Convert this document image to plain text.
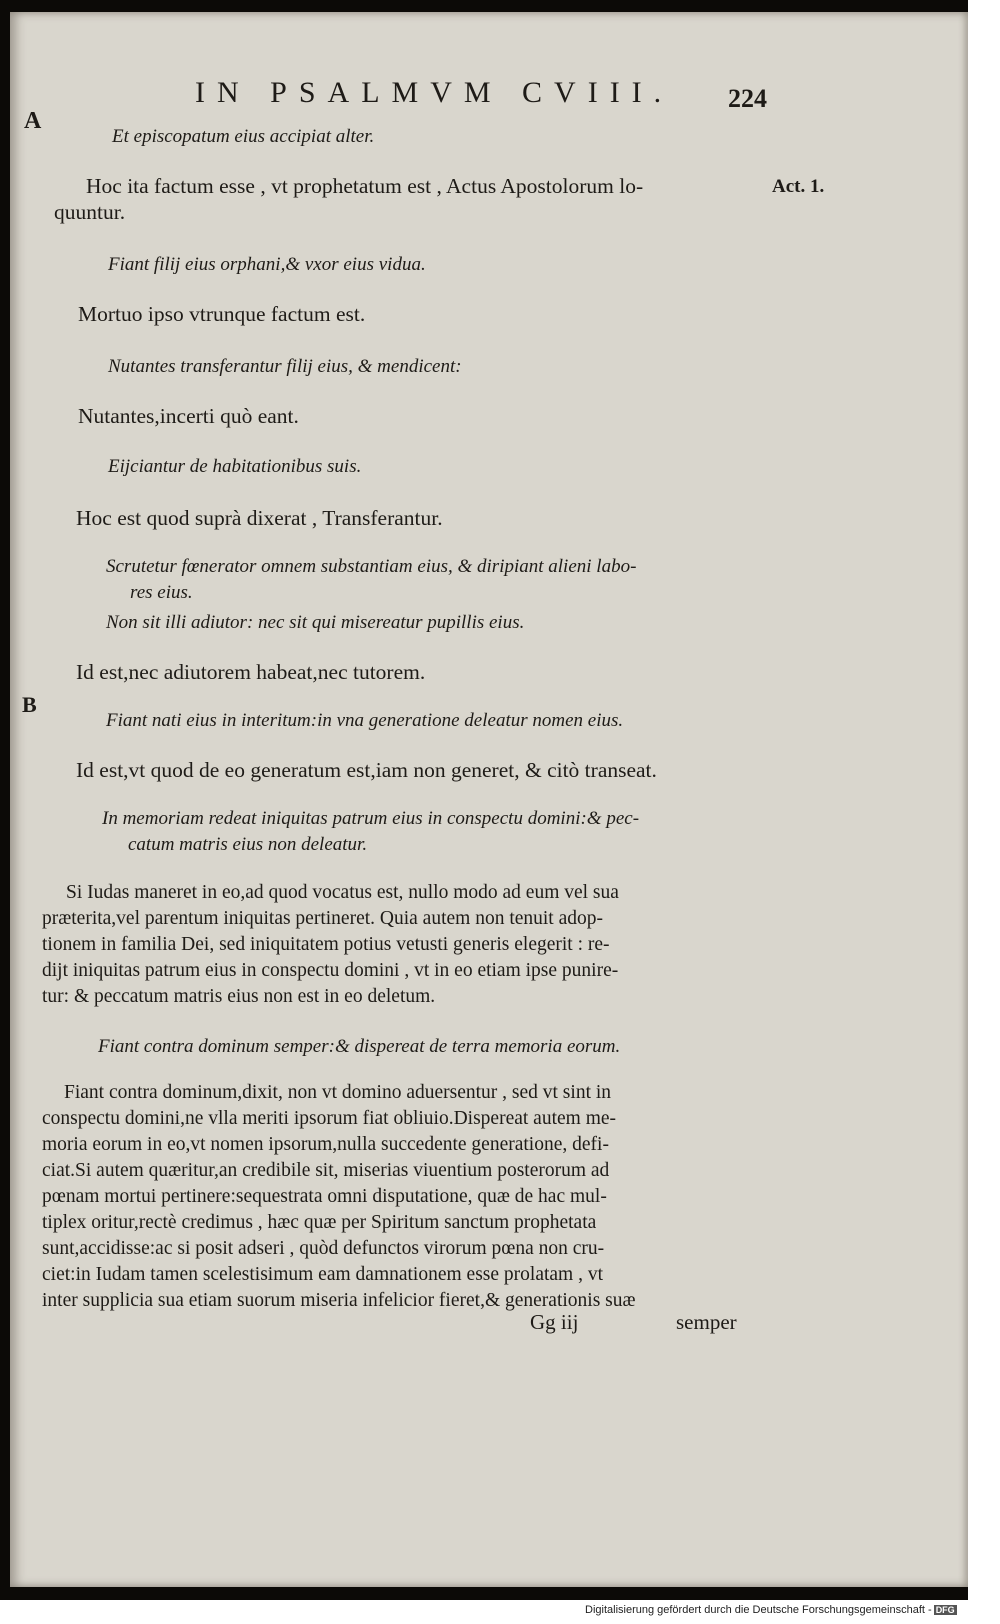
IN PSALMVM CVIII. 224
A
B
Act. 1.
Et episcopatum eius accipiat alter.
Hoc ita factum esse , vt prophetatum est , Actus Apostolorum lo-
quuntur.
Fiant filij eius orphani,& vxor eius vidua.
Mortuo ipso vtrunque factum est.
Nutantes transferantur filij eius, & mendicent:
Nutantes,incerti quò eant.
Eijciantur de habitationibus suis.
Hoc est quod suprà dixerat , Transferantur.
Scrutetur fœnerator omnem substantiam eius, & diripiant alieni labo-
res eius.
Non sit illi adiutor: nec sit qui misereatur pupillis eius.
Id est,nec adiutorem habeat,nec tutorem.
Fiant nati eius in interitum:in vna generatione deleatur nomen eius.
Id est,vt quod de eo generatum est,iam non generet, & citò transeat.
In memoriam redeat iniquitas patrum eius in conspectu domini:& pec-
catum matris eius non deleatur.
Si Iudas maneret in eo,ad quod vocatus est, nullo modo ad eum vel sua
præterita,vel parentum iniquitas pertineret. Quia autem non tenuit adop-
tionem in familia Dei, sed iniquitatem potius vetusti generis elegerit : re-
dijt iniquitas patrum eius in conspectu domini , vt in eo etiam ipse punire-
tur: & peccatum matris eius non est in eo deletum.
Fiant contra dominum semper:& dispereat de terra memoria eorum.
Fiant contra dominum,dixit, non vt domino aduersentur , sed vt sint in
conspectu domini,ne vlla meriti ipsorum fiat obliuio.Dispereat autem me-
moria eorum in eo,vt nomen ipsorum,nulla succedente generatione, defi-
ciat.Si autem quæritur,an credibile sit, miserias viuentium posterorum ad
pœnam mortui pertinere:sequestrata omni disputatione, quæ de hac mul-
tiplex oritur,rectè credimus , hæc quæ per Spiritum sanctum prophetata
sunt,accidisse:ac si posit adseri , quòd defunctos virorum pœna non cru-
ciet:in Iudam tamen scelestisimum eam damnationem esse prolatam , vt
inter supplicia sua etiam suorum miseria infelicior fieret,& generationis suæ
Gg iij	semper
Digitalisierung gefördert durch die Deutsche Forschungsgemeinschaft - DFG
